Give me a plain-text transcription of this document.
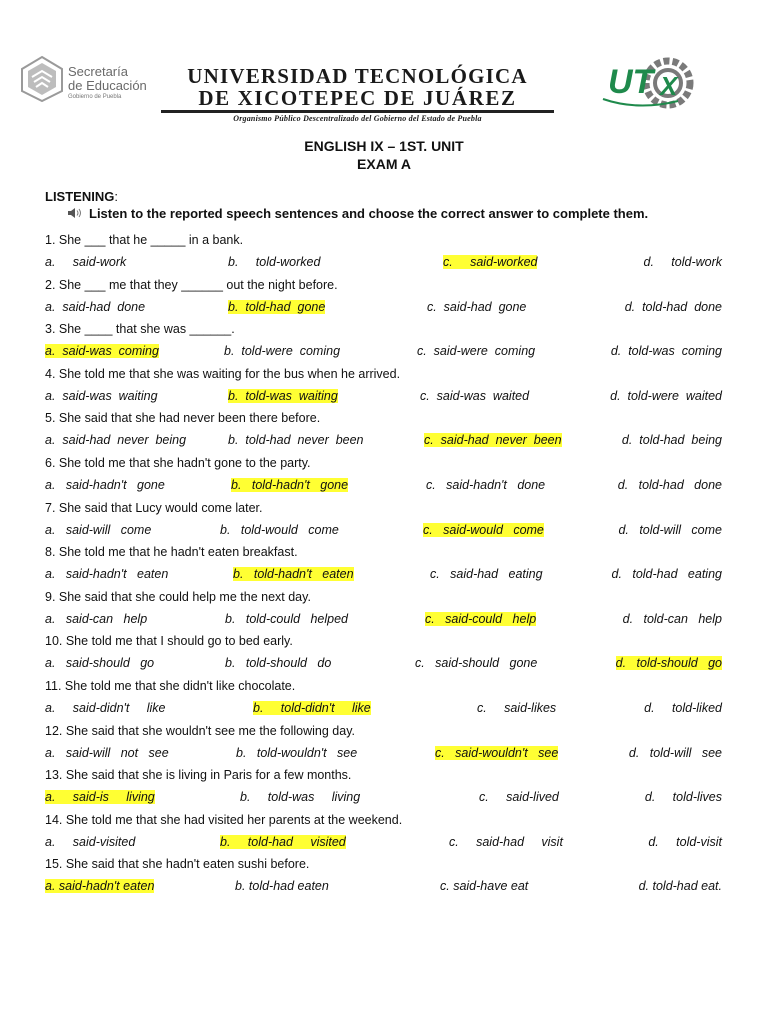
Secretaría
de Educación
Gobierno de Puebla
UNIVERSIDAD TECNOLÓGICA
DE XICOTEPEC DE JUÁREZ
Organismo Público Descentralizado del Gobierno del Estado de Puebla
UT X
ENGLISH IX – 1ST. UNIT
EXAM A
LISTENING:
Listen to the reported speech sentences and choose the correct answer to complete them.
1. She ___ that he _____ in a bank.
a.     said-work	b.     told-worked	c.     said-worked	d.     told-work
2. She ___ me that they ______ out the night before.
a.  said-had  done	b.  told-had  gone	c.  said-had  gone	d.  told-had  done
3. She ____ that she was ______.
a.  said-was  coming	b.  told-were  coming	c.  said-were  coming	d.  told-was  coming
4. She told me that she was waiting for the bus when he arrived.
a.  said-was  waiting	b.  told-was  waiting	c.  said-was  waited	d.  told-were  waited
5. She said that she had never been there before.
a.  said-had  never  being	b.  told-had  never  been	c.  said-had  never  been	d.  told-had  being
6. She told me that she hadn't gone to the party.
a.   said-hadn't   gone	b.   told-hadn't   gone	c.   said-hadn't   done	d.   told-had   done
7. She said that Lucy would come later.
a.   said-will   come	b.   told-would   come	c.   said-would   come	d.   told-will   come
8. She told me that he hadn't eaten breakfast.
a.   said-hadn't   eaten	b.   told-hadn't   eaten	c.   said-had   eating	d.   told-had   eating
9. She said that she could help me the next day.
a.   said-can   help	b.   told-could   helped	c.   said-could   help	d.   told-can   help
10. She told me that I should go to bed early.
a.   said-should   go	b.   told-should   do	c.   said-should   gone	d.   told-should   go
11. She told me that she didn't like chocolate.
a.     said-didn't     like	b.     told-didn't     like	c.     said-likes	d.     told-liked
12. She said that she wouldn't see me the following day.
a.   said-will   not   see	b.   told-wouldn't   see	c.   said-wouldn't   see	d.   told-will   see
13. She said that she is living in Paris for a few months.
a.     said-is     living	b.     told-was     living	c.     said-lived	d.     told-lives
14. She told me that she had visited her parents at the weekend.
a.     said-visited	b.     told-had     visited	c.     said-had     visit	d.     told-visit
15. She said that she hadn't eaten sushi before.
a. said-hadn't eaten	b. told-had eaten	c. said-have eat	d. told-had eat.
